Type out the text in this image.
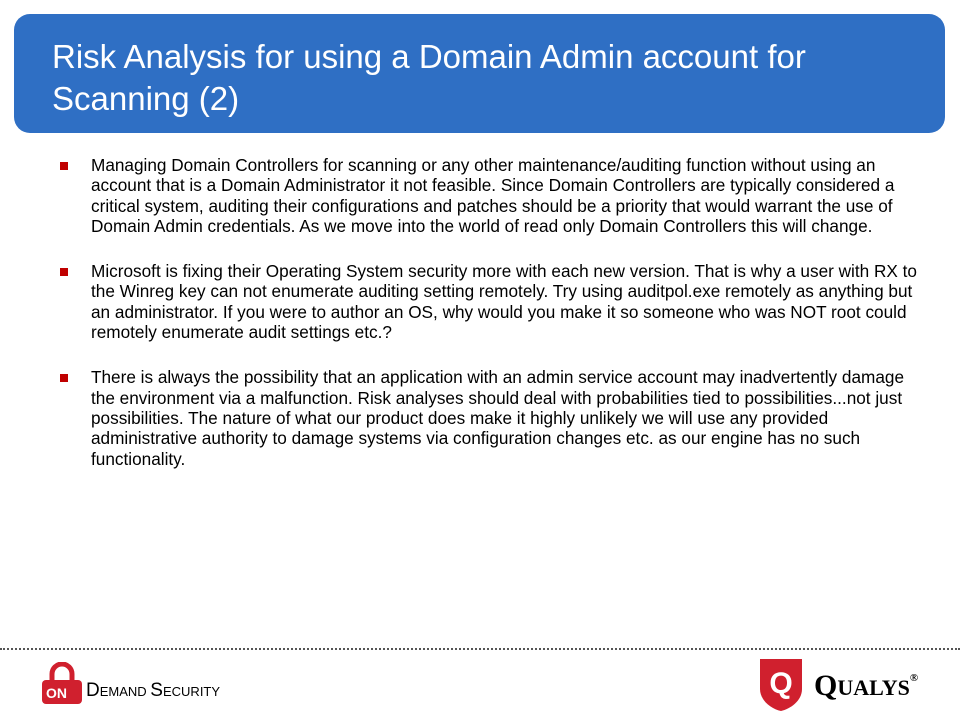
Risk Analysis for using a Domain Admin account for Scanning (2)
Managing Domain Controllers for scanning or any other maintenance/auditing function without using an account that is a Domain Administrator it not feasible. Since Domain Controllers are typically considered a critical system, auditing their configurations and patches should be a priority that would warrant the use of Domain Admin credentials. As we move into the world of read only Domain Controllers this will change.
Microsoft is fixing their Operating System security more with each new version. That is why a user with RX to the Winreg key can not enumerate auditing setting remotely. Try using auditpol.exe remotely as anything but an administrator. If you were to author an OS, why would you make it so someone who was NOT root could remotely enumerate audit settings etc.?
There is always the possibility that an application with an admin service account may inadvertently damage the environment via a malfunction. Risk analyses should deal with probabilities tied to possibilities...not just possibilities. The nature of what our product does make it highly unlikely we will use any provided administrative authority to damage systems via configuration changes etc. as our engine has no such functionality.
ON DEMAND SECURITY	Q QUALYS®
